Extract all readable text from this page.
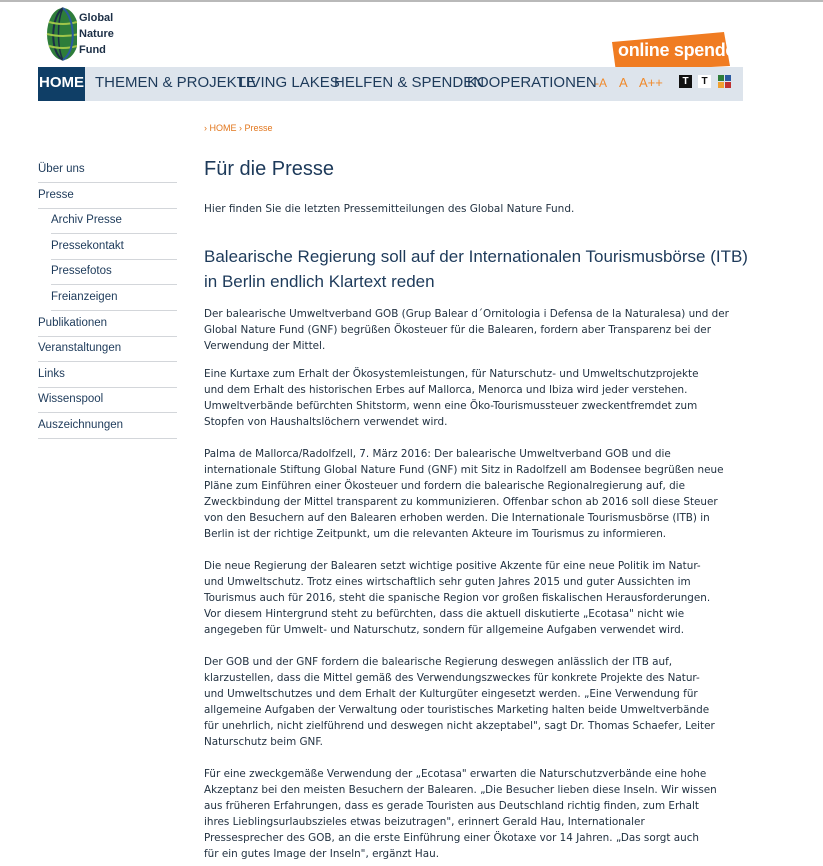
Global
Nature
Fund	online spenden!
HOME THEMEN & PROJEKTE
LIVING LAKES
HELFEN & SPENDEN
KOOPERATIONEN
-A A A++	T	T
› HOME › Presse
Über uns
Presse
Archiv Presse
Pressekontakt
Pressefotos
Freianzeigen
Publikationen
Veranstaltungen
Links
Wissenspool
Auszeichnungen
Für die Presse
Hier finden Sie die letzten Pressemitteilungen des Global Nature Fund.
Balearische Regierung soll auf der Internationalen Tourismusbörse (ITB) in Berlin endlich Klartext reden
Der balearische Umweltverband GOB (Grup Balear d´Ornitologia i Defensa de la Naturalesa) und der
Global Nature Fund (GNF) begrüßen Ökosteuer für die Balearen, fordern aber Transparenz bei der
Verwendung der Mittel.
Eine Kurtaxe zum Erhalt der Ökosystemleistungen, für Naturschutz- und Umweltschutzprojekte
und dem Erhalt des historischen Erbes auf Mallorca, Menorca und Ibiza wird jeder verstehen.
Umweltverbände befürchten Shitstorm, wenn eine Öko-Tourismussteuer zweckentfremdet zum
Stopfen von Haushaltslöchern verwendet wird.
Palma de Mallorca/Radolfzell, 7. März 2016: Der balearische Umweltverband GOB und die
internationale Stiftung Global Nature Fund (GNF) mit Sitz in Radolfzell am Bodensee begrüßen neue
Pläne zum Einführen einer Ökosteuer und fordern die balearische Regionalregierung auf, die
Zweckbindung der Mittel transparent zu kommunizieren. Offenbar schon ab 2016 soll diese Steuer
von den Besuchern auf den Balearen erhoben werden. Die Internationale Tourismusbörse (ITB) in
Berlin ist der richtige Zeitpunkt, um die relevanten Akteure im Tourismus zu informieren.
Die neue Regierung der Balearen setzt wichtige positive Akzente für eine neue Politik im Natur-
und Umweltschutz. Trotz eines wirtschaftlich sehr guten Jahres 2015 und guter Aussichten im
Tourismus auch für 2016, steht die spanische Region vor großen fiskalischen Herausforderungen.
Vor diesem Hintergrund steht zu befürchten, dass die aktuell diskutierte „Ecotasa" nicht wie
angegeben für Umwelt- und Naturschutz, sondern für allgemeine Aufgaben verwendet wird.
Der GOB und der GNF fordern die balearische Regierung deswegen anlässlich der ITB auf,
klarzustellen, dass die Mittel gemäß des Verwendungszweckes für konkrete Projekte des Natur-
und Umweltschutzes und dem Erhalt der Kulturgüter eingesetzt werden. „Eine Verwendung für
allgemeine Aufgaben der Verwaltung oder touristisches Marketing halten beide Umweltverbände
für unehrlich, nicht zielführend und deswegen nicht akzeptabel", sagt Dr. Thomas Schaefer, Leiter
Naturschutz beim GNF.
Für eine zweckgemäße Verwendung der „Ecotasa" erwarten die Naturschutzverbände eine hohe
Akzeptanz bei den meisten Besuchern der Balearen. „Die Besucher lieben diese Inseln. Wir wissen
aus früheren Erfahrungen, dass es gerade Touristen aus Deutschland richtig finden, zum Erhalt
ihres Lieblingsurlaubszieles etwas beizutragen", erinnert Gerald Hau, Internationaler
Pressesprecher des GOB, an die erste Einführung einer Ökotaxe vor 14 Jahren. „Das sorgt auch
für ein gutes Image der Inseln", ergänzt Hau.
